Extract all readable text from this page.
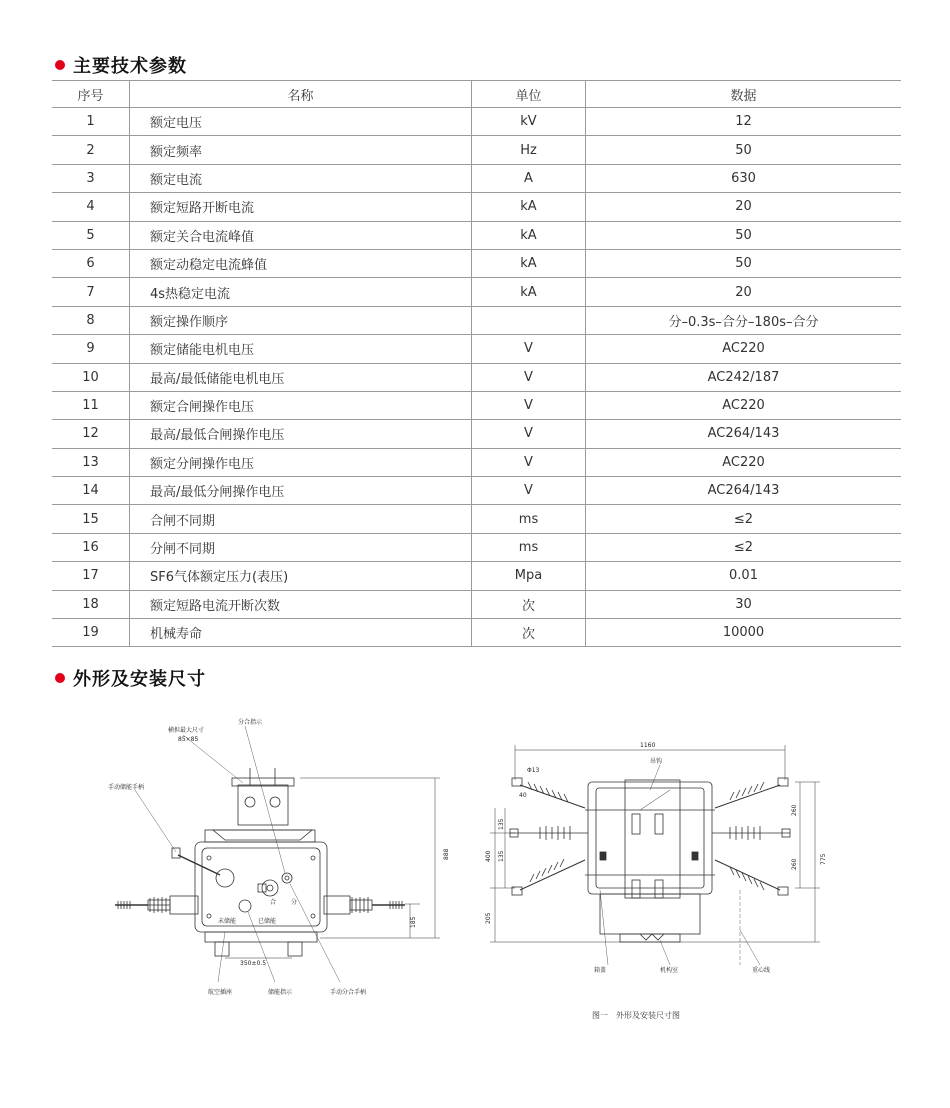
主要技术参数
序号	名称	单位	数据
1	额定电压	kV	12
2	额定频率	Hz	50
3	额定电流	A	630
4	额定短路开断电流	kA	20
5	额定关合电流峰值	kA	50
6	额定动稳定电流蜂值	kA	50
7	4s热稳定电流	kA	20
8	额定操作顺序		分–0.3s–合分–180s–合分
9	额定储能电机电压	V	AC220
10	最高/最低储能电机电压	V	AC242/187
11	额定合闸操作电压	V	AC220
12	最高/最低合闸操作电压	V	AC264/143
13	额定分闸操作电压	V	AC220
14	最高/最低分闸操作电压	V	AC264/143
15	合闸不同期	ms	≤2
16	分闸不同期	ms	≤2
17	SF6气体额定压力(表压)	Mpa	0.01
18	额定短路电流开断次数	次	30
19	机械寿命	次	10000
外形及安装尺寸
横担最大尺寸
85×85
分合指示
手动储能手柄
888
185
350±0.5
未储能	已储能
合 分
航空插座	储能指示	手动分合手柄
1160
Φ13
40
吊钩
135
135
400
205
260
260	775
箱盖	机构室	重心线
图一　外形及安装尺寸图
